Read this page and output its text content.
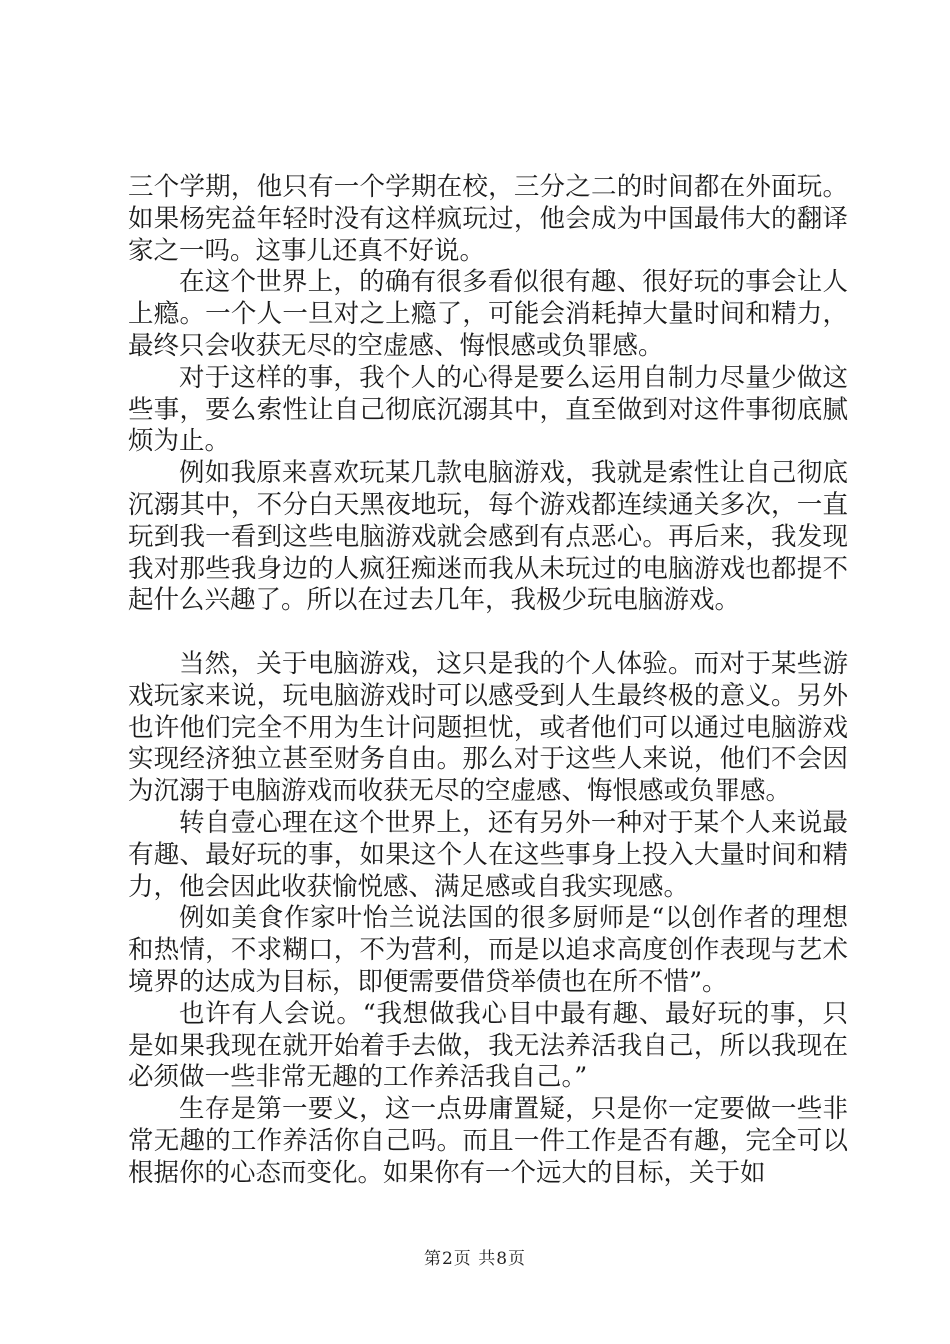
三个学期，他只有一个学期在校，三分之二的时间都在外面玩。如果杨宪益年轻时没有这样疯玩过，他会成为中国最伟大的翻译家之一吗。这事儿还真不好说。

在这个世界上，的确有很多看似很有趣、很好玩的事会让人上瘾。一个人一旦对之上瘾了，可能会消耗掉大量时间和精力，最终只会收获无尽的空虚感、悔恨感或负罪感。

对于这样的事，我个人的心得是要么运用自制力尽量少做这些事，要么索性让自己彻底沉溺其中，直至做到对这件事彻底腻烦为止。

例如我原来喜欢玩某几款电脑游戏，我就是索性让自己彻底沉溺其中，不分白天黑夜地玩，每个游戏都连续通关多次，一直玩到我一看到这些电脑游戏就会感到有点恶心。再后来，我发现我对那些我身边的人疯狂痴迷而我从未玩过的电脑游戏也都提不起什么兴趣了。所以在过去几年，我极少玩电脑游戏。

当然，关于电脑游戏，这只是我的个人体验。而对于某些游戏玩家来说，玩电脑游戏时可以感受到人生最终极的意义。另外也许他们完全不用为生计问题担忧，或者他们可以通过电脑游戏实现经济独立甚至财务自由。那么对于这些人来说，他们不会因为沉溺于电脑游戏而收获无尽的空虚感、悔恨感或负罪感。

转自壹心理在这个世界上，还有另外一种对于某个人来说最有趣、最好玩的事，如果这个人在这些事身上投入大量时间和精力，他会因此收获愉悦感、满足感或自我实现感。

例如美食作家叶怡兰说法国的很多厨师是“以创作者的理想和热情，不求糊口，不为营利，而是以追求高度创作表现与艺术境界的达成为目标，即便需要借贷举债也在所不惜”。

也许有人会说。“我想做我心目中最有趣、最好玩的事，只是如果我现在就开始着手去做，我无法养活我自己，所以我现在必须做一些非常无趣的工作养活我自己。”

生存是第一要义，这一点毋庸置疑，只是你一定要做一些非常无趣的工作养活你自己吗。而且一件工作是否有趣，完全可以根据你的心态而变化。如果你有一个远大的目标，关于如

第2页 共8页
